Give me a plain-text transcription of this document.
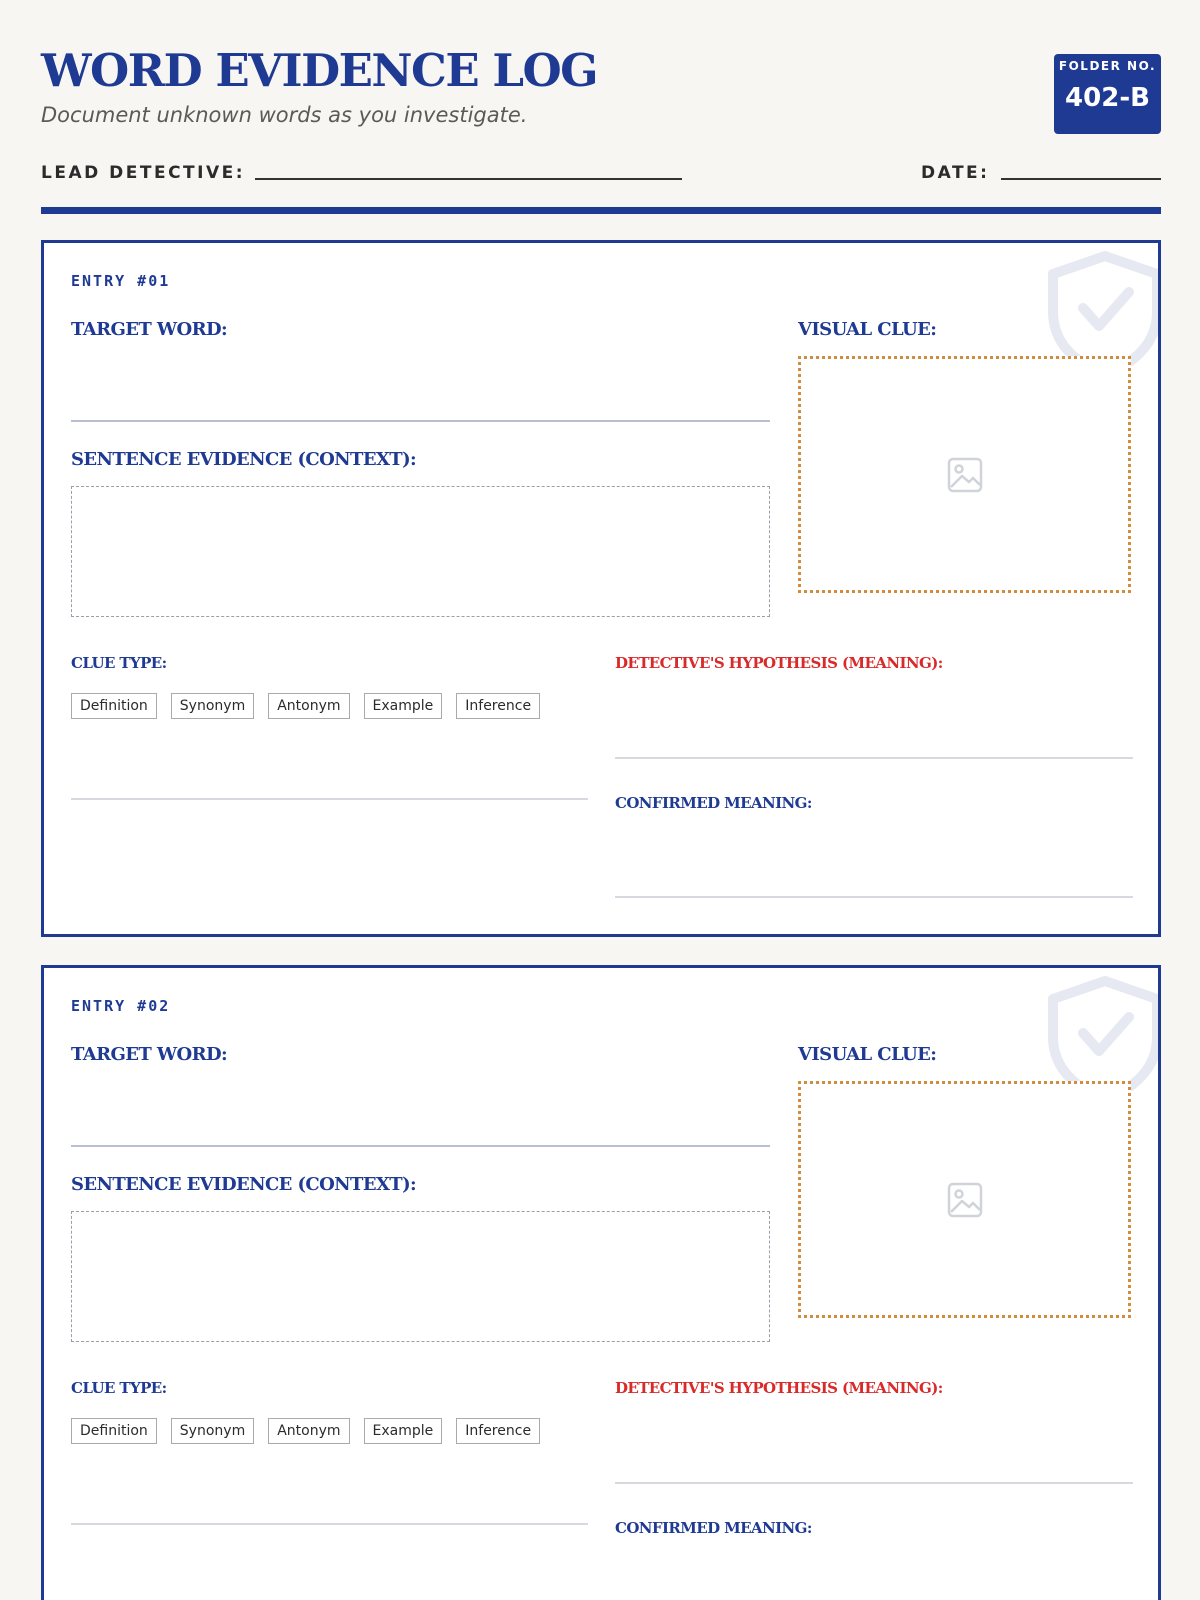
WORD EVIDENCE LOG
Document unknown words as you investigate.
FOLDER NO.
402-B
LEAD DETECTIVE:	DATE:
ENTRY #01
TARGET WORD:	VISUAL CLUE:
SENTENCE EVIDENCE (CONTEXT):
CLUE TYPE:
Definition	Synonym	Antonym	Example	Inference
DETECTIVE'S HYPOTHESIS (MEANING):
CONFIRMED MEANING:
ENTRY #02
TARGET WORD:	VISUAL CLUE:
SENTENCE EVIDENCE (CONTEXT):
CLUE TYPE:
Definition	Synonym	Antonym	Example	Inference
DETECTIVE'S HYPOTHESIS (MEANING):
CONFIRMED MEANING:
